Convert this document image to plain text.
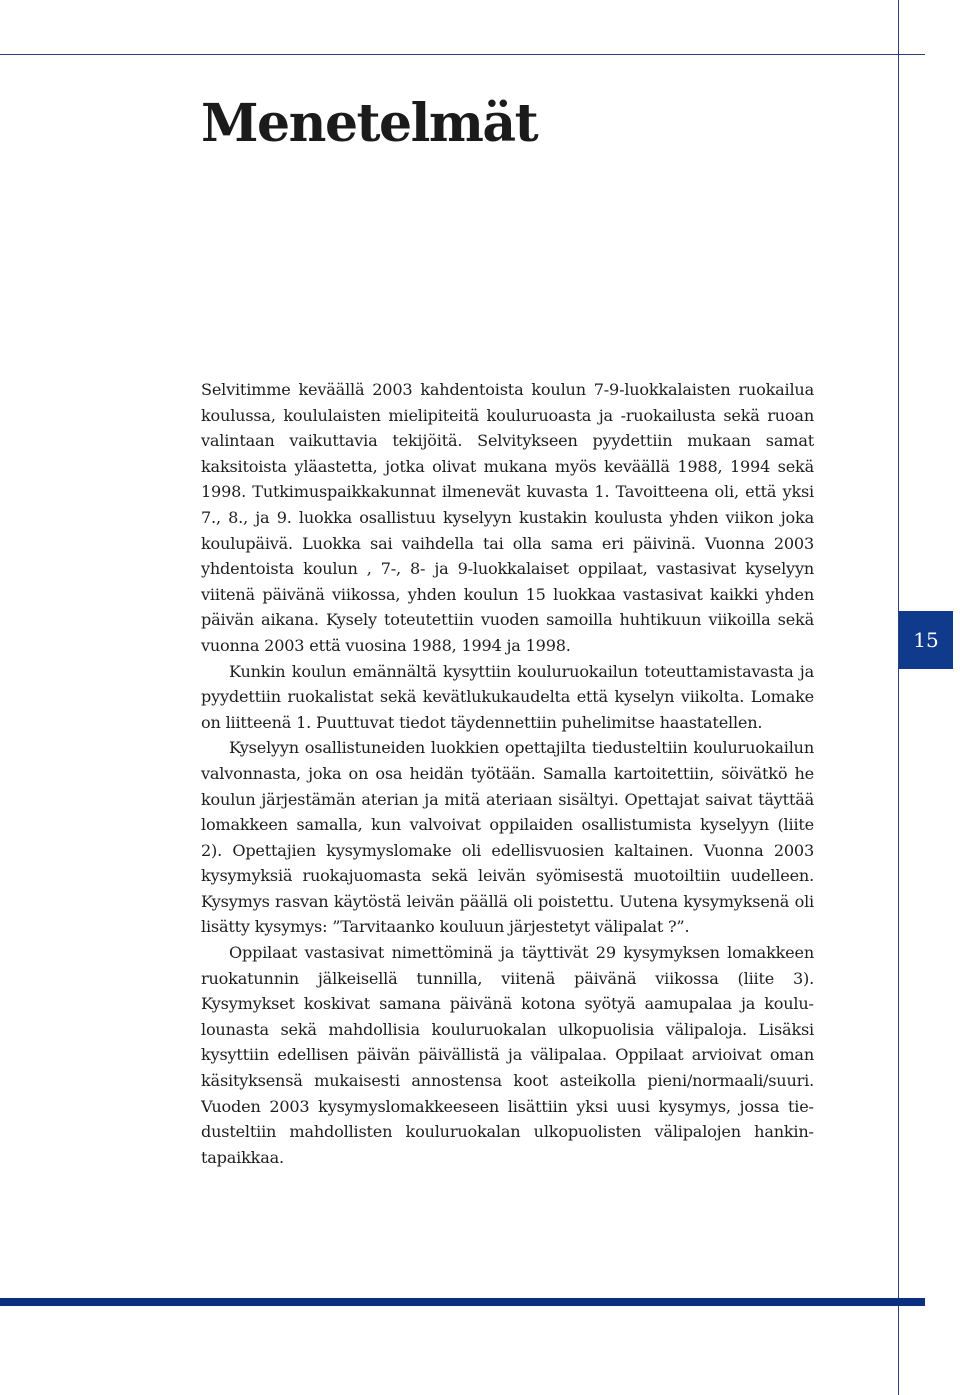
Menetelmät

Selvitimme keväällä 2003 kahdentoista koulun 7-9-luokkalaisten ruokailua koulussa, koululaisten mielipiteitä kouluruoasta ja -ruokailusta sekä ruoan valintaan vaikuttavia tekijöitä. Selvitykseen pyydettiin mukaan samat kaksitoista yläastetta, jotka olivat mukana myös keväällä 1988, 1994 sekä 1998. Tutkimuspaikkakunnat ilmenevät kuvasta 1. Tavoitteena oli, että yksi 7., 8., ja 9. luokka osallistuu kyselyyn kustakin koulusta yhden viikon joka koulupäivä. Luokka sai vaihdella tai olla sama eri päivinä. Vuonna 2003 yhdentoista koulun , 7-, 8- ja 9-luokkalaiset oppilaat, vastasivat kyselyyn viitenä päivänä viikossa, yhden koulun 15 luokkaa vastasivat kaikki yhden päivän aikana. Kysely toteutettiin vuoden samoilla huhtikuun viikoilla sekä vuonna 2003 että vuosina 1988, 1994 ja 1998.

Kunkin koulun emännältä kysyttiin kouluruokailun toteuttamistavasta ja pyydettiin ruokalistat sekä kevätlukukaudelta että kyselyn viikolta. Lomake on liitteenä 1. Puuttuvat tiedot täydennettiin puhelimitse haastatellen.

Kyselyyn osallistuneiden luokkien opettajilta tiedusteltiin kouluruokailun valvonnasta, joka on osa heidän työtään. Samalla kartoitettiin, söivätkö he koulun järjestämän aterian ja mitä ateriaan sisältyi. Opettajat saivat täyttää lomakkeen samalla, kun valvoivat oppilaiden osallistumista kyselyyn (liite 2). Opettajien kysymyslomake oli edellisvuosien kaltainen. Vuonna 2003 kysymyksiä ruokajuomasta sekä leivän syömisestä muotoiltiin uudelleen. Kysymys rasvan käytöstä leivän päällä oli poistettu. Uutena kysymyksenä oli lisätty kysymys: ”Tarvitaanko kouluun järjestetyt välipalat ?”.

Oppilaat vastasivat nimettöminä ja täyttivät 29 kysymyksen lomakkeen ruokatunnin jälkeisellä tunnilla, viitenä päivänä viikossa (liite 3). Kysymykset koskivat samana päivänä kotona syötyä aamupalaa ja koululounasta sekä mahdollisia kouluruokalan ulkopuolisia välipaloja. Lisäksi kysyttiin edellisen päivän päivällistä ja välipalaa. Oppilaat arvioivat oman käsityksensä mukaisesti annostensa koot asteikolla pieni/normaali/suuri. Vuoden 2003 kysymyslomakkeeseen lisättiin yksi uusi kysymys, jossa tiedusteltiin mahdollisten kouluruokalan ulkopuolisten välipalojen hankintapaikkaa.

15
